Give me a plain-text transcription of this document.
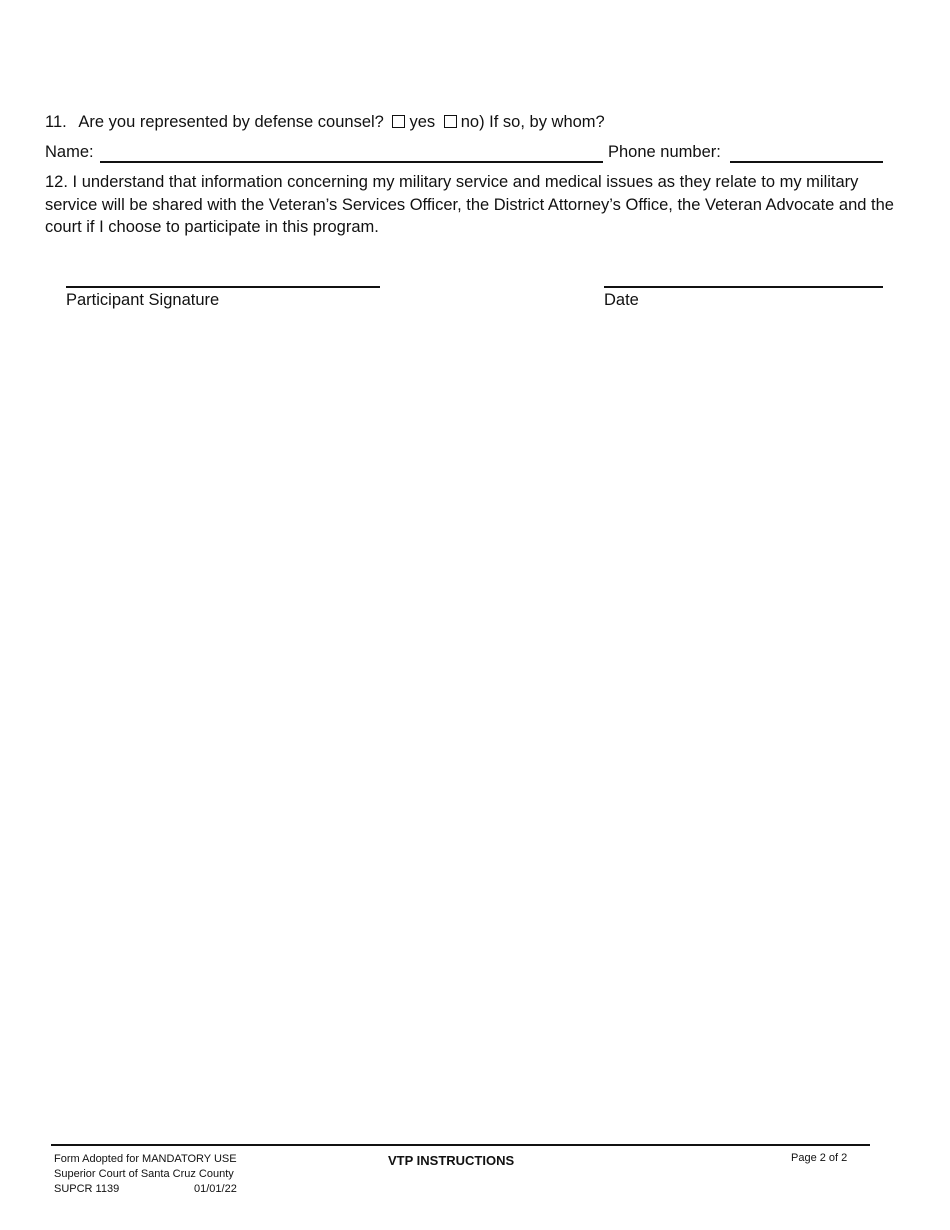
11. Are you represented by defense counsel? yes no) If so, by whom?
Name:	Phone number:
12. I understand that information concerning my military service and medical issues as they relate to my military service will be shared with the Veteran’s Services Officer, the District Attorney’s Office, the Veteran Advocate and the court if I choose to participate in this program.
Participant Signature	Date
Form Adopted for MANDATORY USE
Superior Court of Santa Cruz County
SUPCR 1139	01/01/22
VTP INSTRUCTIONS	Page 2 of 2
